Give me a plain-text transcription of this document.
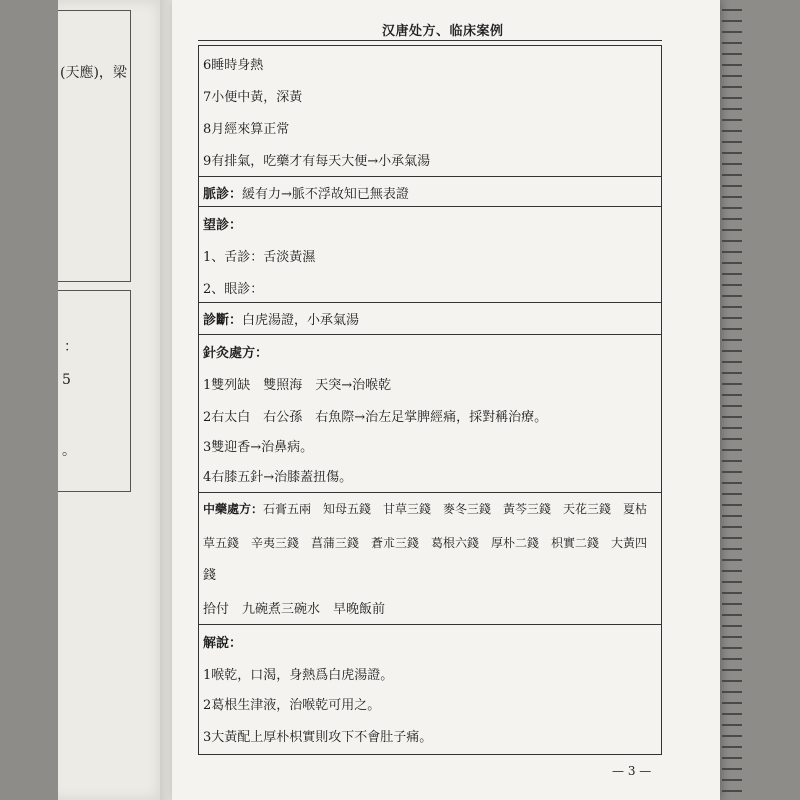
(天應)，梁
：
5
。
汉唐处方、临床案例
6睡時身熱
7小便中黃，深黃
8月經來算正常
9有排氣，吃藥才有每天大便→小承氣湯
脈診：緩有力→脈不浮故知已無表證
望診：
1、舌診：舌淡黃濕
2、眼診：
診斷：白虎湯證，小承氣湯
針灸處方：
1雙列缺　雙照海　天突→治喉乾
2右太白　右公孫　右魚際→治左足掌脾經痛，採對稱治療。
3雙迎香→治鼻病。
4右膝五針→治膝蓋扭傷。
中藥處方：石膏五兩　知母五錢　甘草三錢　麥冬三錢　黃芩三錢　天花三錢　夏枯
草五錢　辛夷三錢　菖蒲三錢　蒼朮三錢　葛根六錢　厚朴二錢　枳實二錢　大黃四
錢
拾付　九碗煮三碗水　早晚飯前
解說：
1喉乾，口渴，身熱爲白虎湯證。
2葛根生津液，治喉乾可用之。
3大黃配上厚朴枳實則攻下不會肚子痛。
— 3 —
